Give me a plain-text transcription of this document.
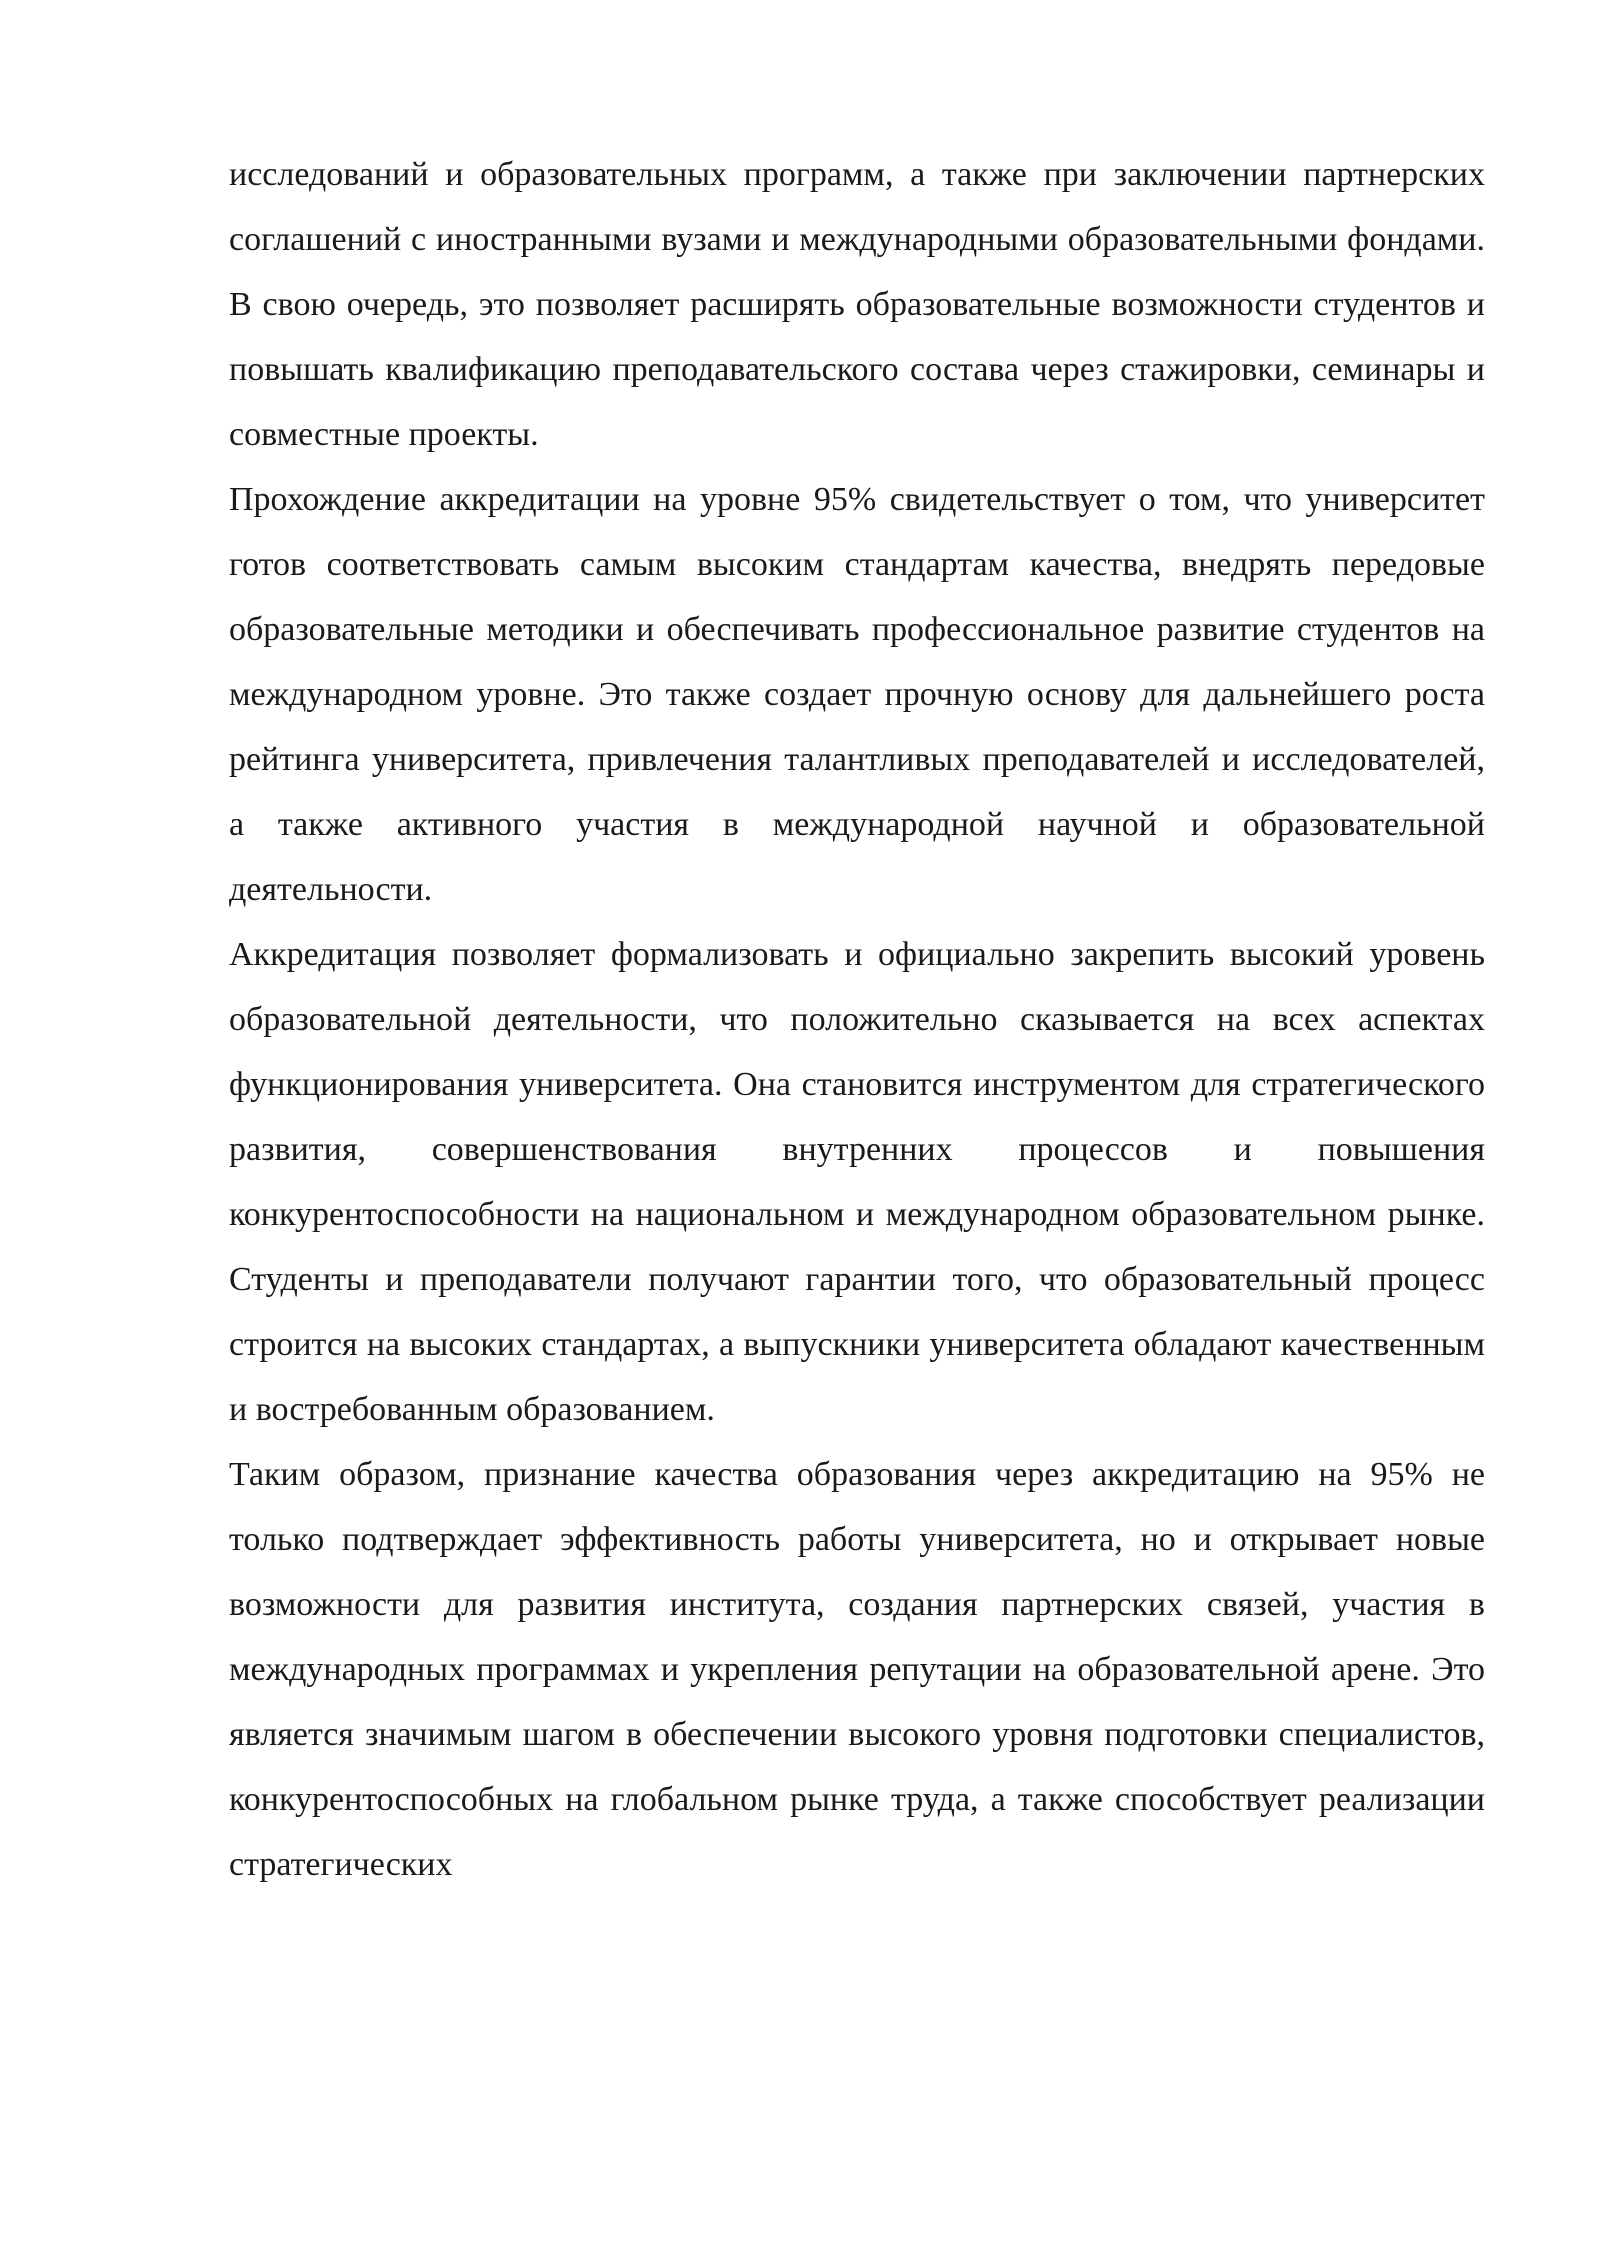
исследований и образовательных программ, а также при заключении партнерских соглашений с иностранными вузами и международными образовательными фондами. В свою очередь, это позволяет расширять образовательные возможности студентов и повышать квалификацию преподавательского состава через стажировки, семинары и совместные проекты.

Прохождение аккредитации на уровне 95% свидетельствует о том, что университет готов соответствовать самым высоким стандартам качества, внедрять передовые образовательные методики и обеспечивать профессиональное развитие студентов на международном уровне. Это также создает прочную основу для дальнейшего роста рейтинга университета, привлечения талантливых преподавателей и исследователей, а также активного участия в международной научной и образовательной деятельности.

Аккредитация позволяет формализовать и официально закрепить высокий уровень образовательной деятельности, что положительно сказывается на всех аспектах функционирования университета. Она становится инструментом для стратегического развития, совершенствования внутренних процессов и повышения конкурентоспособности на национальном и международном образовательном рынке. Студенты и преподаватели получают гарантии того, что образовательный процесс строится на высоких стандартах, а выпускники университета обладают качественным и востребованным образованием.

Таким образом, признание качества образования через аккредитацию на 95% не только подтверждает эффективность работы университета, но и открывает новые возможности для развития института, создания партнерских связей, участия в международных программах и укрепления репутации на образовательной арене. Это является значимым шагом в обеспечении высокого уровня подготовки специалистов, конкурентоспособных на глобальном рынке труда, а также способствует реализации стратегических
